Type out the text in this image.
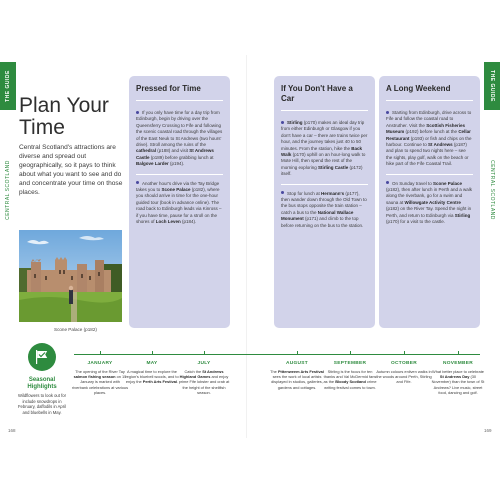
THE GUIDE
CENTRAL SCOTLAND
Plan Your Time

Central Scotland's attractions are diverse and spread out geographically, so it pays to think about what you want to see and do and concentrate your time on those places.

Scone Palace (p182)
Seasonal Highlights
Wildflowers to look out for include snowdrops in February, daffodils in April and bluebells in May.
168
THE GUIDE
CENTRAL SCOTLAND
169
Pressed for Time

If you only have time for a day trip from Edinburgh, begin by driving over the Queensferry Crossing to Fife and following the scenic coastal road through the villages of the East Neuk to St Andrews (two hours' drive). Stroll among the ruins of the cathedral (p188) and visit St Andrews Castle (p189) before grabbing lunch at Balgove Larder (p194).

Another hour's drive via the Tay Bridge takes you to Scone Palace (p182), where you should arrive in time for the one-hour guided tour (book in advance online). The road back to Edinburgh leads via Kinross – if you have time, pause for a stroll on the shores of Loch Leven (p184).

If You Don't Have a Car

Stirling (p170) makes an ideal day trip from either Edinburgh or Glasgow if you don't have a car – there are trains twice per hour, and the journey takes just 40 to 50 minutes. From the station, hike the Back Walk (p170) uphill on an hour-long walk to Mote Hill, then spend the rest of the morning exploring Stirling Castle (p172) itself.

Stop for lunch at Hermann's (p177), then wander down through the Old Town to the bus stops opposite the train station – catch a bus to the National Wallace Monument (p171) and climb to the top before returning on the bus to the station.

A Long Weekend

Starting from Edinburgh, drive across to Fife and follow the coastal road to Anstruther. Visit the Scottish Fisheries Museum (p192) before lunch at the Cellar Restaurant (p193) or fish and chips on the harbour. Continue to St Andrews (p187) and plan to spend two nights here – see the sights, play golf, walk on the beach or hike part of the Fife Coastal Trail.

On Sunday travel to Scone Palace (p182), then after lunch in Perth and a walk along the riverbank, go for a swim and sauna at Willowgate Activity Centre (p182) on the River Tay. Spend the night in Perth, and return to Edinburgh via Stirling (p170) for a visit to the castle.

JANUARY
The opening of the River Tay salmon fishing season on 15 January is marked with riverbank celebrations at various places.
MAY
A magical time to explore the region's bluebell woods, and to enjoy the Perth Arts Festival.
JULY
Catch the St Andrews Highland Games and enjoy prime Fife lobster and crab at the height of the shellfish season.
AUGUST
The Pittenweem Arts Festival sees the work of local artists displayed in studios, galleries, gardens and cottages.
SEPTEMBER
Stirling is the focus for ten thanks and Val McDermid fans as the Bloody Scotland crime writing festival comes to town.
OCTOBER
Autumn colours enliven walks in the woods around Perth, Stirling and Fife.
NOVEMBER
What better place to celebrate St Andrews Day (30 November) than the town of St Andrews? Live music, street food, dancing and golf.
